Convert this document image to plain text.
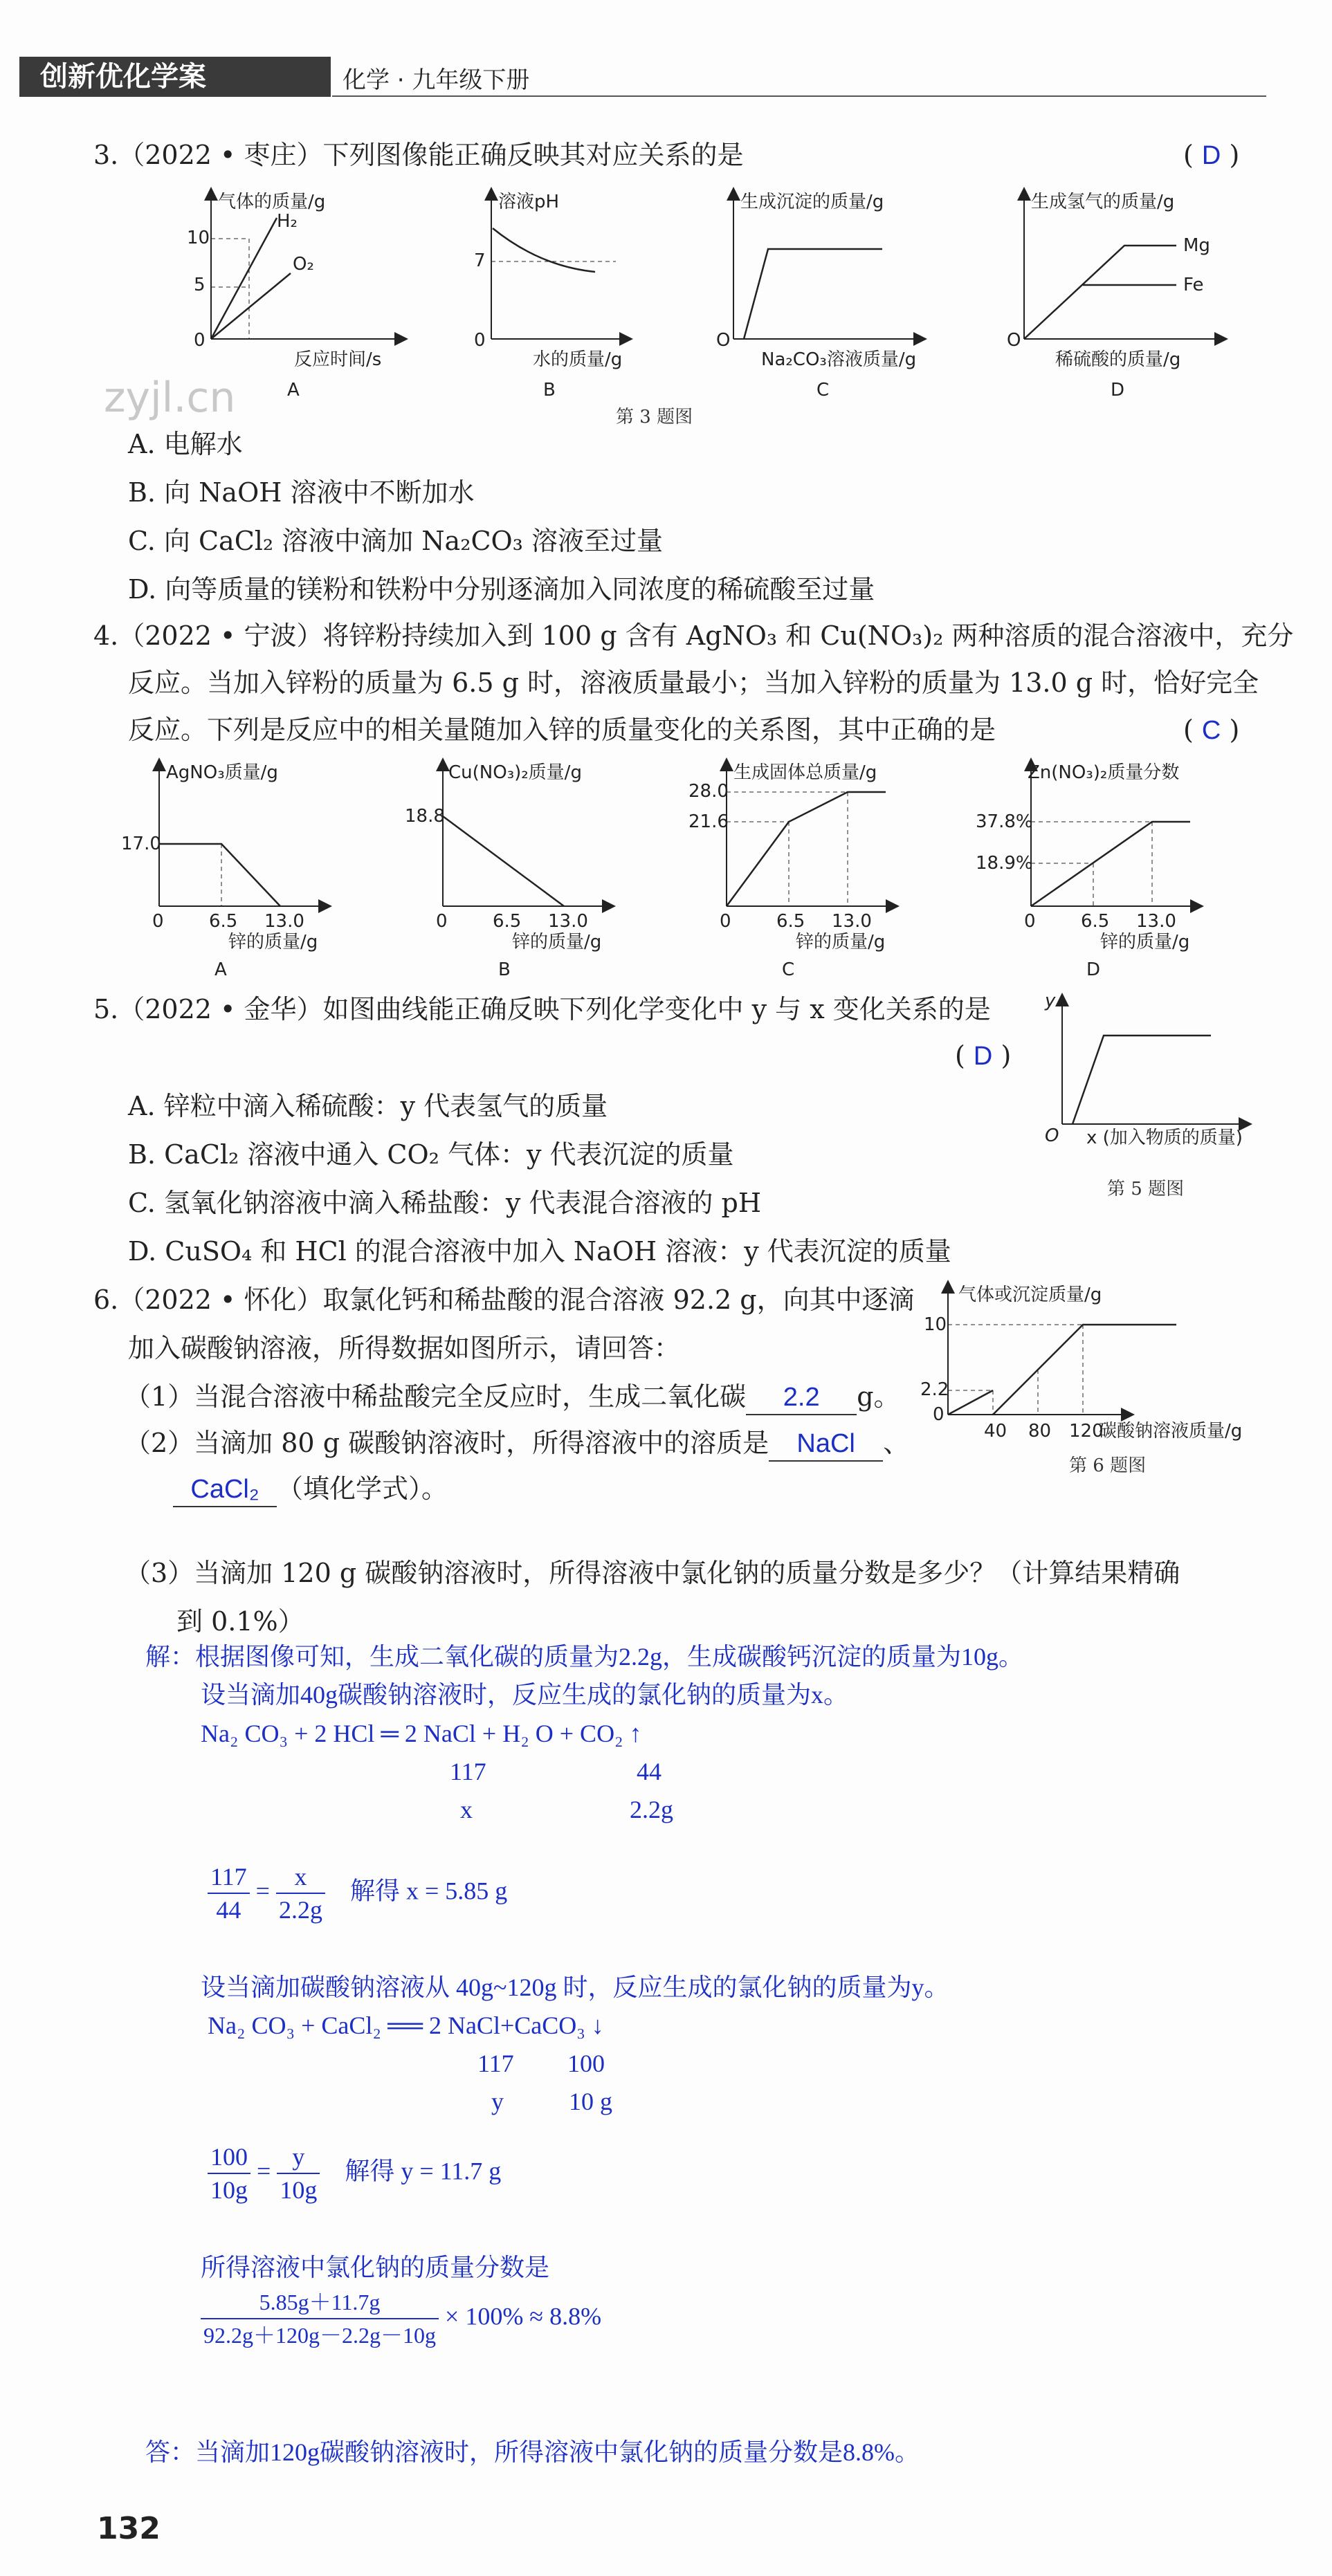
创新优化学案	化学 · 九年级下册
zyjl.cn
3.（2022 • 枣庄）下列图像能正确反映其对应关系的是	( D )
气体的质量/g
反应时间/s
10
5
0
H₂
O₂
A
溶液pH
7
0
水的质量/g
B
生成沉淀的质量/g
O
Na₂CO₃溶液质量/g
C
生成氢气的质量/g
O
Mg
Fe
稀硫酸的质量/g
D
第 3 题图
A. 电解水
B. 向 NaOH 溶液中不断加水
C. 向 CaCl₂ 溶液中滴加 Na₂CO₃ 溶液至过量
D. 向等质量的镁粉和铁粉中分别逐滴加入同浓度的稀硫酸至过量
4.（2022 • 宁波）将锌粉持续加入到 100 g 含有 AgNO₃ 和 Cu(NO₃)₂ 两种溶质的混合溶液中，充分
反应。当加入锌粉的质量为 6.5 g 时，溶液质量最小；当加入锌粉的质量为 13.0 g 时，恰好完全
反应。下列是反应中的相关量随加入锌的质量变化的关系图，其中正确的是	( C )
AgNO₃质量/g
17.0
0	6.5 13.0
锌的质量/g
A
Cu(NO₃)₂质量/g
18.8
0	6.5 13.0
锌的质量/g
B
生成固体总质量/g
28.0
21.6
0	6.5 13.0
锌的质量/g
C
Zn(NO₃)₂质量分数
37.8%
18.9%
0	6.5 13.0
锌的质量/g
D
5.（2022 • 金华）如图曲线能正确反映下列化学变化中 y 与 x 变化关系的是
( D )
y
O x (加入物质的质量)
第 5 题图
A. 锌粒中滴入稀硫酸：y 代表氢气的质量
B. CaCl₂ 溶液中通入 CO₂ 气体：y 代表沉淀的质量
C. 氢氧化钠溶液中滴入稀盐酸：y 代表混合溶液的 pH
D. CuSO₄ 和 HCl 的混合溶液中加入 NaOH 溶液：y 代表沉淀的质量
6.（2022 • 怀化）取氯化钙和稀盐酸的混合溶液 92.2 g，向其中逐滴
加入碳酸钠溶液，所得数据如图所示，请回答：
（1）当混合溶液中稀盐酸完全反应时，生成二氧化碳 2.2 g。
（2）当滴加 80 g 碳酸钠溶液时，所得溶液中的溶质是 NaCl 、
CaCl₂ （填化学式）。
气体或沉淀质量/g
10
2.2
0
40 80 120
碳酸钠溶液质量/g
第 6 题图
（3）当滴加 120 g 碳酸钠溶液时，所得溶液中氯化钠的质量分数是多少？（计算结果精确
到 0.1%）
解：根据图像可知，生成二氧化碳的质量为2.2g，生成碳酸钙沉淀的质量为10g。
设当滴加40g碳酸钠溶液时，反应生成的氯化钠的质量为x。
Na₂ CO₃ + 2 HCl ═ 2 NaCl + H₂ O + CO₂ ↑
117	44
x	2.2g
$\frac{117}{44} = \frac{x}{2.2g}$ 解得 x = 5.85 g
设当滴加碳酸钠溶液从 40g~120g 时，反应生成的氯化钠的质量为y。
Na₂ CO₃ + CaCl₂ ══ 2 NaCl+CaCO₃ ↓
117 100
y	10 g
$\frac{100}{10g} = \frac{y}{10g}$ 解得 y = 11.7 g
所得溶液中氯化钠的质量分数是
$\frac{5.85g+11.7g}{92.2g+120g-2.2g-10g} \times 100\% \approx 8.8\%$
答：当滴加120g碳酸钠溶液时，所得溶液中氯化钠的质量分数是8.8%。
132
